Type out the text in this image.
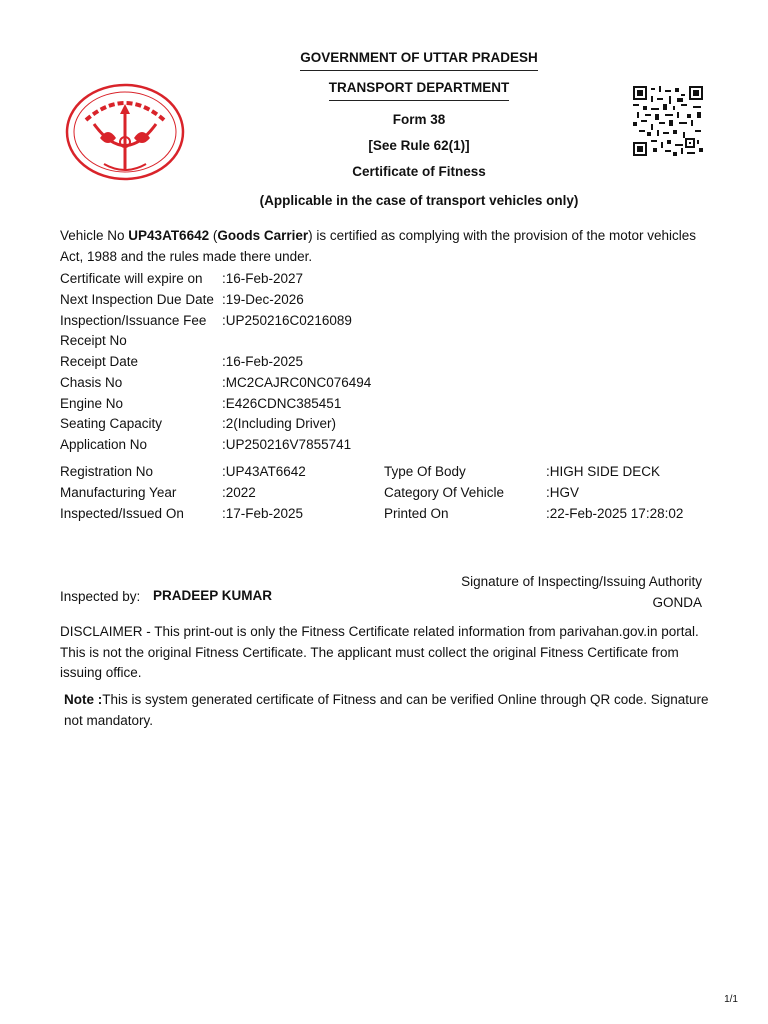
GOVERNMENT OF UTTAR PRADESH
TRANSPORT DEPARTMENT
Form 38
[See Rule 62(1)]
Certificate of Fitness
(Applicable in the case of transport vehicles only)
Vehicle No UP43AT6642 (Goods Carrier) is certified as complying with the provision of the motor vehicles
Act, 1988 and the rules made there under.
Certificate will expire on :16-Feb-2027
Next Inspection Due Date :19-Dec-2026
Inspection/Issuance Fee :UP250216C0216089
Receipt No
Receipt Date	:16-Feb-2025
Chasis No	:MC2CAJRC0NC076494
Engine No	:E426CDNC385451
Seating Capacity	:2(Including Driver)
Application No	:UP250216V7855741
Registration No	:UP43AT6642	Type Of Body	:HIGH SIDE DECK
Manufacturing Year	:2022	Category Of Vehicle	:HGV
Inspected/Issued On	:17-Feb-2025	Printed On	:22-Feb-2025 17:28:02
Signature of Inspecting/Issuing Authority
GONDA
Inspected by: PRADEEP KUMAR
DISCLAIMER - This print-out is only the Fitness Certificate related information from parivahan.gov.in portal.
This is not the original Fitness Certificate. The applicant must collect the original Fitness Certificate from
issuing office.
Note :This is system generated certificate of Fitness and can be verified Online through QR code. Signature
not mandatory.
1/1
